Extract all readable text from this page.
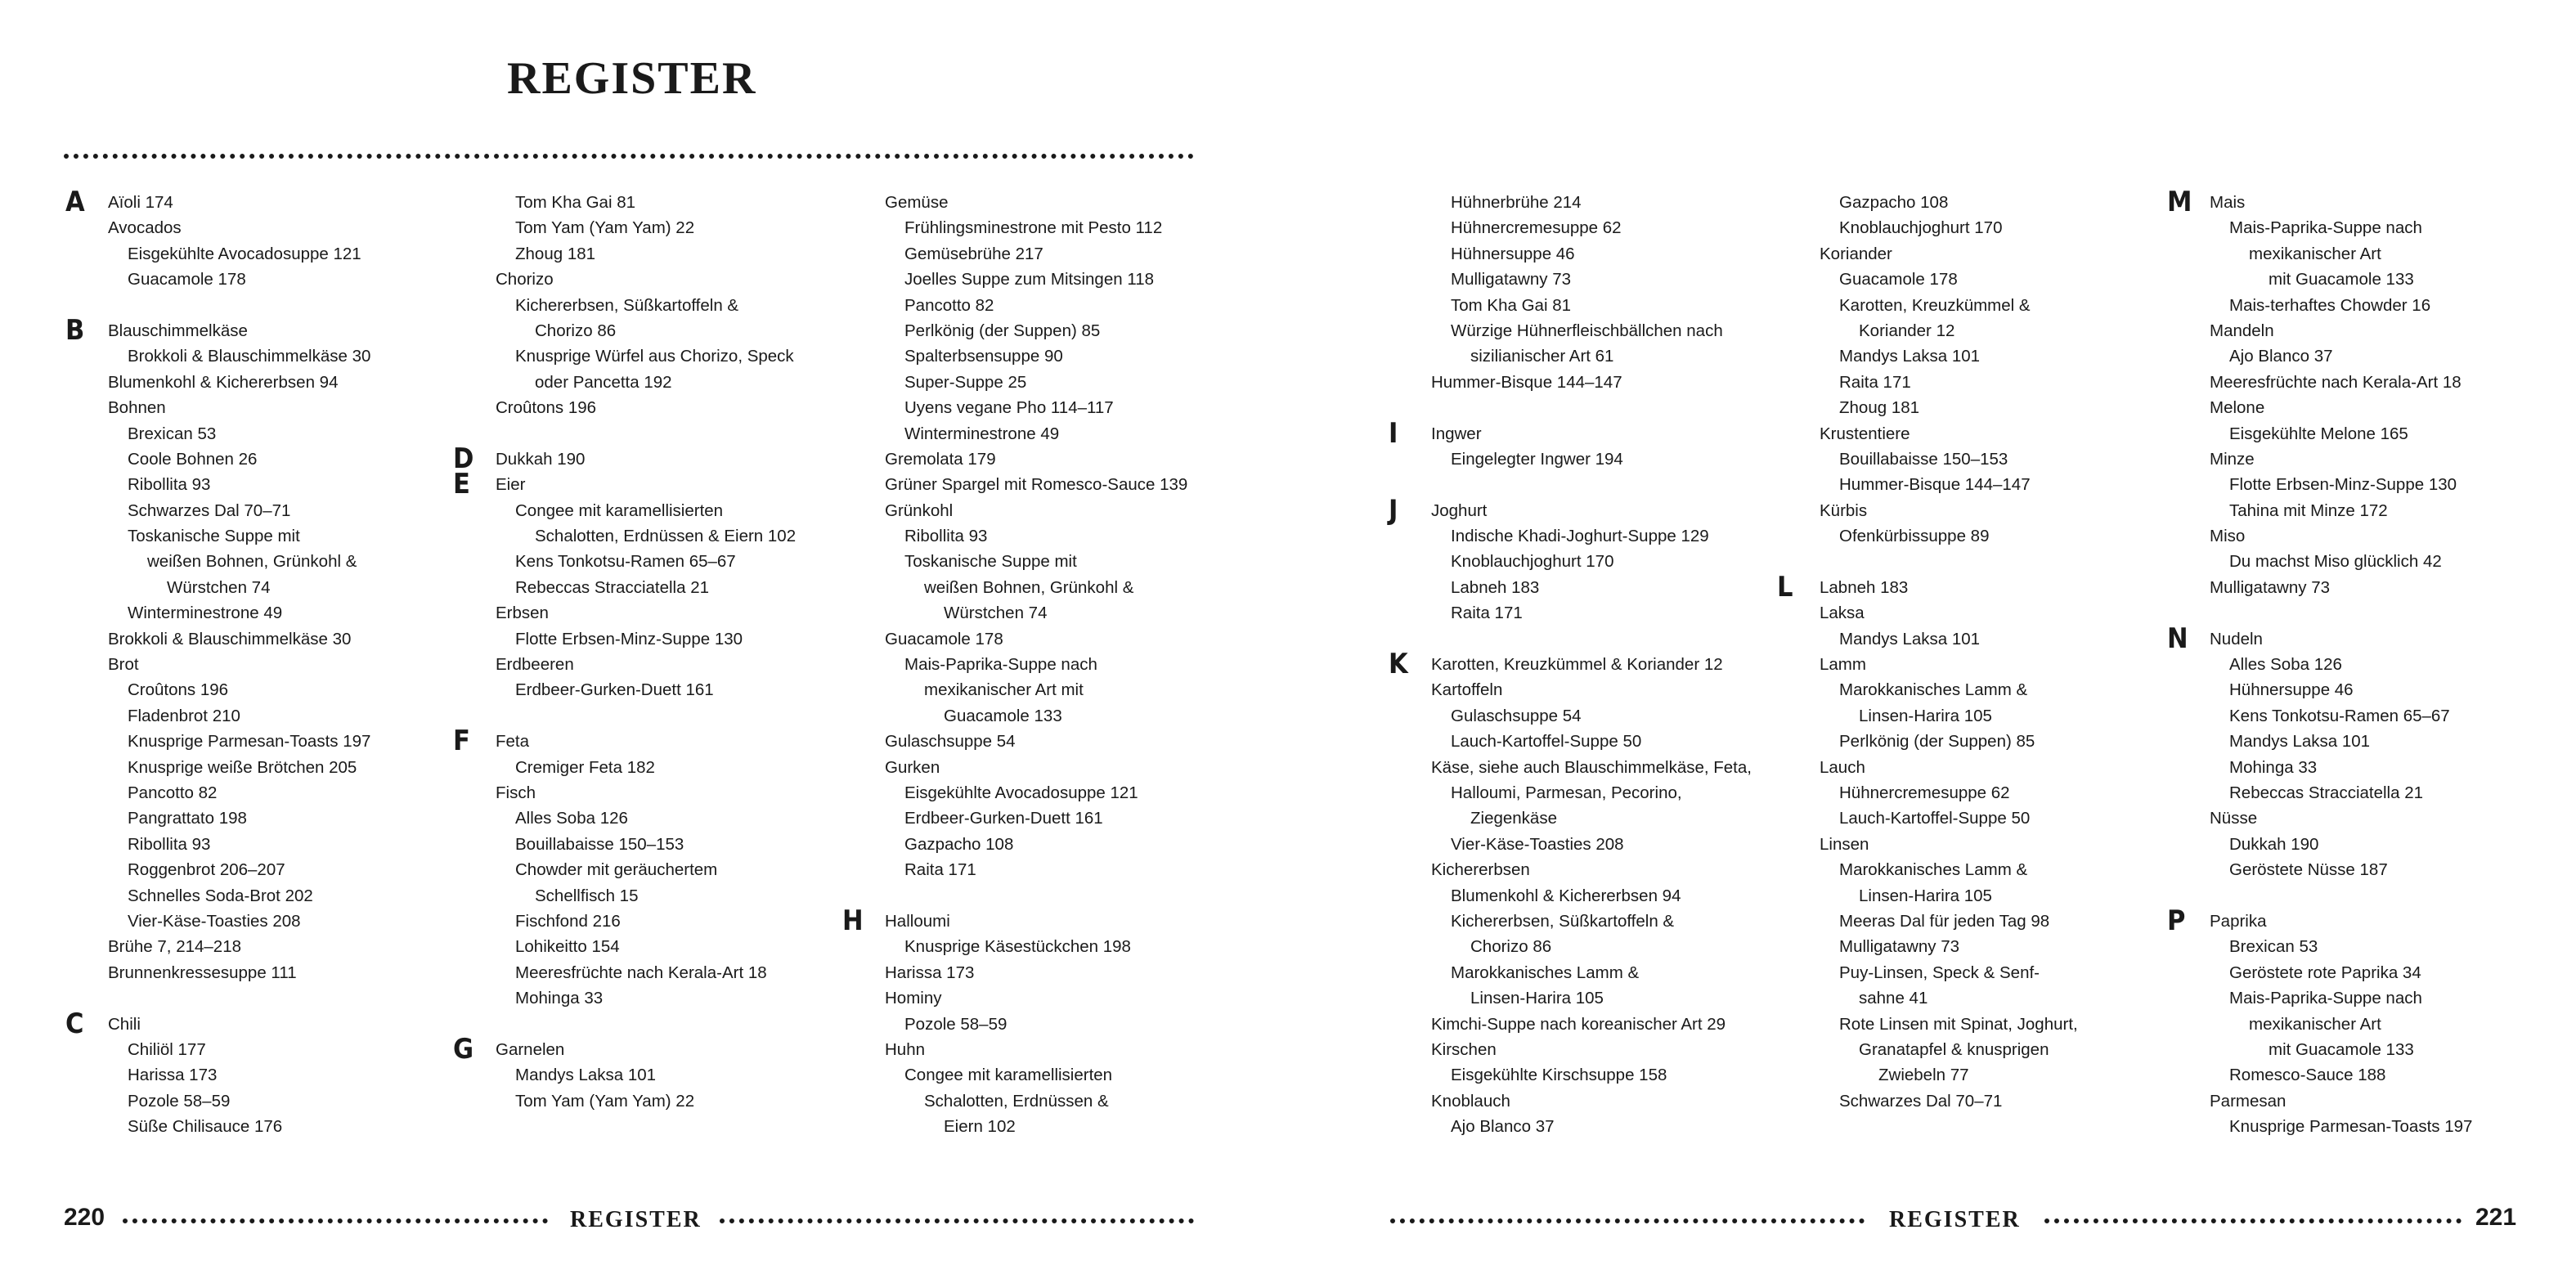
REGISTER
A	Aïoli 174
Avocados
Eisgekühlte Avocadosuppe 121
Guacamole 178
B	Blauschimmelkäse
Brokkoli & Blauschimmelkäse 30
Blumenkohl & Kichererbsen 94
Bohnen
Brexican 53
Coole Bohnen 26
Ribollita 93
Schwarzes Dal 70–71
Toskanische Suppe mit
weißen Bohnen, Grünkohl &
Würstchen 74
Winterminestrone 49
Brokkoli & Blauschimmelkäse 30
Brot
Croûtons 196
Fladenbrot 210
Knusprige Parmesan-Toasts 197
Knusprige weiße Brötchen 205
Pancotto 82
Pangrattato 198
Ribollita 93
Roggenbrot 206–207
Schnelles Soda-Brot 202
Vier-Käse-Toasties 208
Brühe 7, 214–218
Brunnenkressesuppe 111
C	Chili
Chiliöl 177
Harissa 173
Pozole 58–59
Süße Chilisauce 176
Tom Kha Gai 81
Tom Yam (Yam Yam) 22
Zhoug 181
Chorizo
Kichererbsen, Süßkartoffeln &
Chorizo 86
Knusprige Würfel aus Chorizo, Speck
oder Pancetta 192
Croûtons 196
D	Dukkah 190
E	Eier
Congee mit karamellisierten
Schalotten, Erdnüssen & Eiern 102
Kens Tonkotsu-Ramen 65–67
Rebeccas Stracciatella 21
Erbsen
Flotte Erbsen-Minz-Suppe 130
Erdbeeren
Erdbeer-Gurken-Duett 161
F	Feta
Cremiger Feta 182
Fisch
Alles Soba 126
Bouillabaisse 150–153
Chowder mit geräuchertem
Schellfisch 15
Fischfond 216
Lohikeitto 154
Meeresfrüchte nach Kerala-Art 18
Mohinga 33
G	Garnelen
Mandys Laksa 101
Tom Yam (Yam Yam) 22
Gemüse
Frühlingsminestrone mit Pesto 112
Gemüsebrühe 217
Joelles Suppe zum Mitsingen 118
Pancotto 82
Perlkönig (der Suppen) 85
Spalterbsensuppe 90
Super-Suppe 25
Uyens vegane Pho 114–117
Winterminestrone 49
Gremolata 179
Grüner Spargel mit Romesco-Sauce 139
Grünkohl
Ribollita 93
Toskanische Suppe mit
weißen Bohnen, Grünkohl &
Würstchen 74
Guacamole 178
Mais-Paprika-Suppe nach
mexikanischer Art mit
Guacamole 133
Gulaschsuppe 54
Gurken
Eisgekühlte Avocadosuppe 121
Erdbeer-Gurken-Duett 161
Gazpacho 108
Raita 171
H	Halloumi
Knusprige Käsestückchen 198
Harissa 173
Hominy
Pozole 58–59
Huhn
Congee mit karamellisierten
Schalotten, Erdnüssen &
Eiern 102
220	REGISTER
Hühnerbrühe 214
Hühnercremesuppe 62
Hühnersuppe 46
Mulligatawny 73
Tom Kha Gai 81
Würzige Hühnerfleischbällchen nach
sizilianischer Art 61
Hummer-Bisque 144–147
I	Ingwer
Eingelegter Ingwer 194
J	Joghurt
Indische Khadi-Joghurt-Suppe 129
Knoblauchjoghurt 170
Labneh 183
Raita 171
K	Karotten, Kreuzkümmel & Koriander 12
Kartoffeln
Gulaschsuppe 54
Lauch-Kartoffel-Suppe 50
Käse, siehe auch Blauschimmelkäse, Feta,
Halloumi, Parmesan, Pecorino,
Ziegenkäse
Vier-Käse-Toasties 208
Kichererbsen
Blumenkohl & Kichererbsen 94
Kichererbsen, Süßkartoffeln &
Chorizo 86
Marokkanisches Lamm &
Linsen-Harira 105
Kimchi-Suppe nach koreanischer Art 29
Kirschen
Eisgekühlte Kirschsuppe 158
Knoblauch
Ajo Blanco 37
Gazpacho 108
Knoblauchjoghurt 170
Koriander
Guacamole 178
Karotten, Kreuzkümmel &
Koriander 12
Mandys Laksa 101
Raita 171
Zhoug 181
Krustentiere
Bouillabaisse 150–153
Hummer-Bisque 144–147
Kürbis
Ofenkürbissuppe 89
L	Labneh 183
Laksa
Mandys Laksa 101
Lamm
Marokkanisches Lamm &
Linsen-Harira 105
Perlkönig (der Suppen) 85
Lauch
Hühnercremesuppe 62
Lauch-Kartoffel-Suppe 50
Linsen
Marokkanisches Lamm &
Linsen-Harira 105
Meeras Dal für jeden Tag 98
Mulligatawny 73
Puy-Linsen, Speck & Senf-
sahne 41
Rote Linsen mit Spinat, Joghurt,
Granatapfel & knusprigen
Zwiebeln 77
Schwarzes Dal 70–71
M	Mais
Mais-Paprika-Suppe nach
mexikanischer Art
mit Guacamole 133
Mais-terhaftes Chowder 16
Mandeln
Ajo Blanco 37
Meeresfrüchte nach Kerala-Art 18
Melone
Eisgekühlte Melone 165
Minze
Flotte Erbsen-Minz-Suppe 130
Tahina mit Minze 172
Miso
Du machst Miso glücklich 42
Mulligatawny 73
N	Nudeln
Alles Soba 126
Hühnersuppe 46
Kens Tonkotsu-Ramen 65–67
Mandys Laksa 101
Mohinga 33
Rebeccas Stracciatella 21
Nüsse
Dukkah 190
Geröstete Nüsse 187
P	Paprika
Brexican 53
Geröstete rote Paprika 34
Mais-Paprika-Suppe nach
mexikanischer Art
mit Guacamole 133
Romesco-Sauce 188
Parmesan
Knusprige Parmesan-Toasts 197
REGISTER	221
